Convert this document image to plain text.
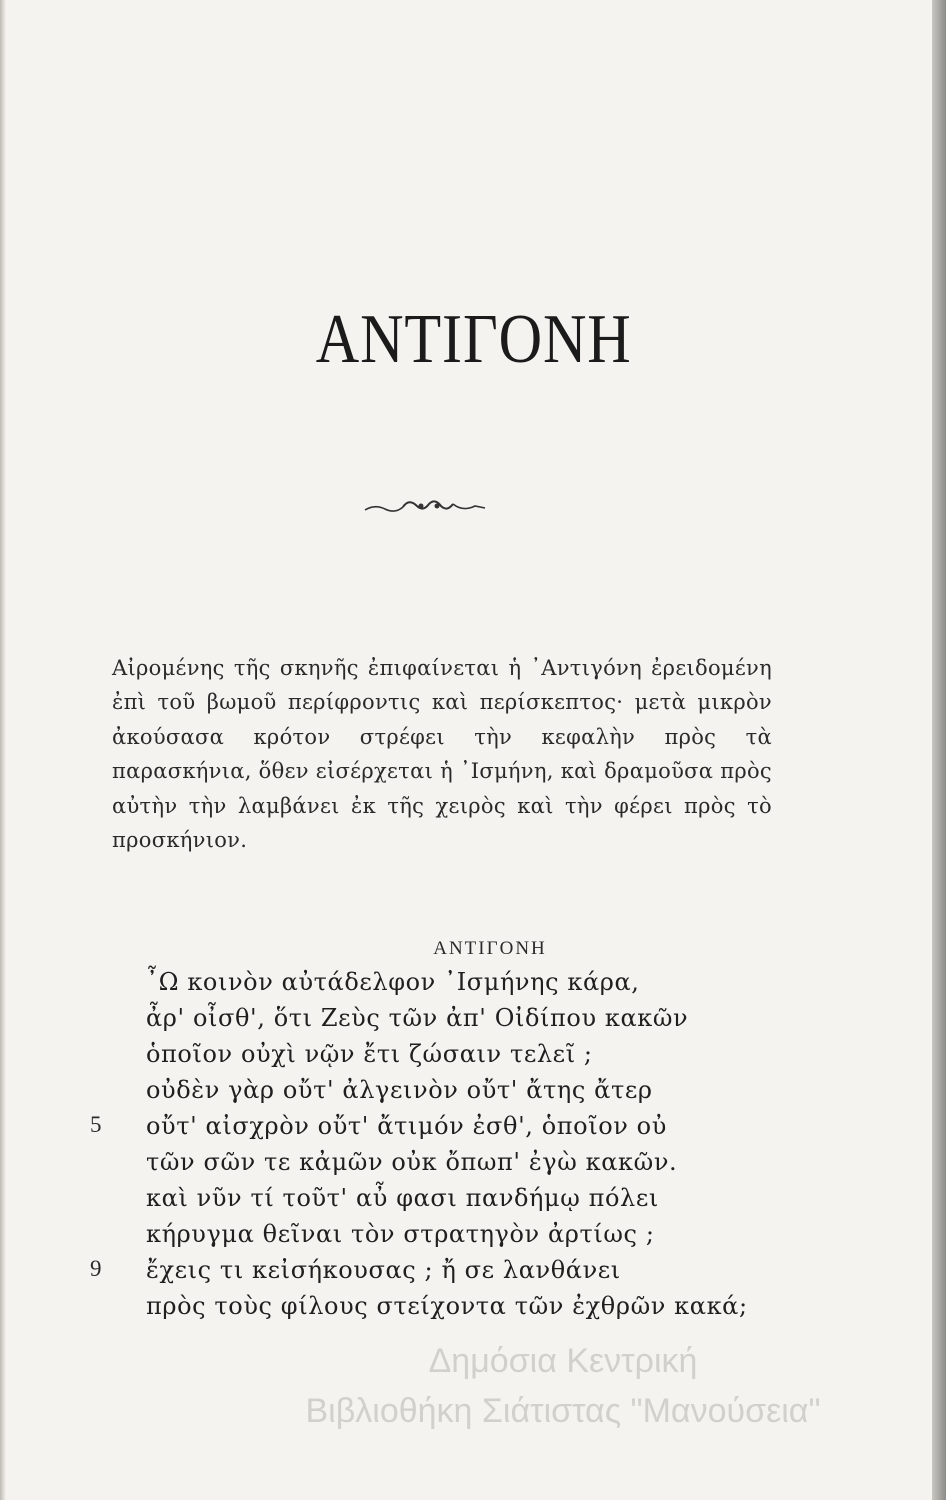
ΑΝΤΙΓΟΝΗ
Αἰρομένης τῆς σκηνῆς ἐπιφαίνεται ἡ ᾿Αντιγόνη ἐρειδομένη ἐπὶ τοῦ βωμοῦ περίφροντις καὶ περίσκεπτος· μετὰ μικρὸν ἀκούσασα κρότον στρέφει τὴν κεφαλὴν πρὸς τὰ παρασκήνια, ὅθεν εἰσέρχεται ἡ ᾿Ισμήνη, καὶ δραμοῦσα πρὸς αὐτὴν τὴν λαμβάνει ἐκ τῆς χειρὸς καὶ τὴν φέρει πρὸς τὸ προσκήνιον.
ΑΝΤΙΓΟΝΗ
῏Ω κοινὸν αὐτάδελφον ᾿Ισμήνης κάρα,
ἆρ' οἶσθ', ὅτι Ζεὺς τῶν ἀπ' Οἰδίπου κακῶν
ὁποῖον οὐχὶ νῷν ἔτι ζώσαιν τελεῖ ;
οὐδὲν γὰρ οὔτ' ἀλγεινὸν οὔτ' ἄτης ἄτερ
5 οὔτ' αἰσχρὸν οὔτ' ἄτιμόν ἐσθ', ὁποῖον οὐ
τῶν σῶν τε κἀμῶν οὐκ ὄπωπ' ἐγὼ κακῶν.
καὶ νῦν τί τοῦτ' αὖ φασι πανδήμῳ πόλει
κήρυγμα θεῖναι τὸν στρατηγὸν ἀρτίως ;
9 ἔχεις τι κεἰσήκουσας ; ἤ σε λανθάνει
πρὸς τοὺς φίλους στείχοντα τῶν ἐχθρῶν κακά;
Δημόσια Κεντρική
Βιβλιοθήκη Σιάτιστας "Μανούσεια"
